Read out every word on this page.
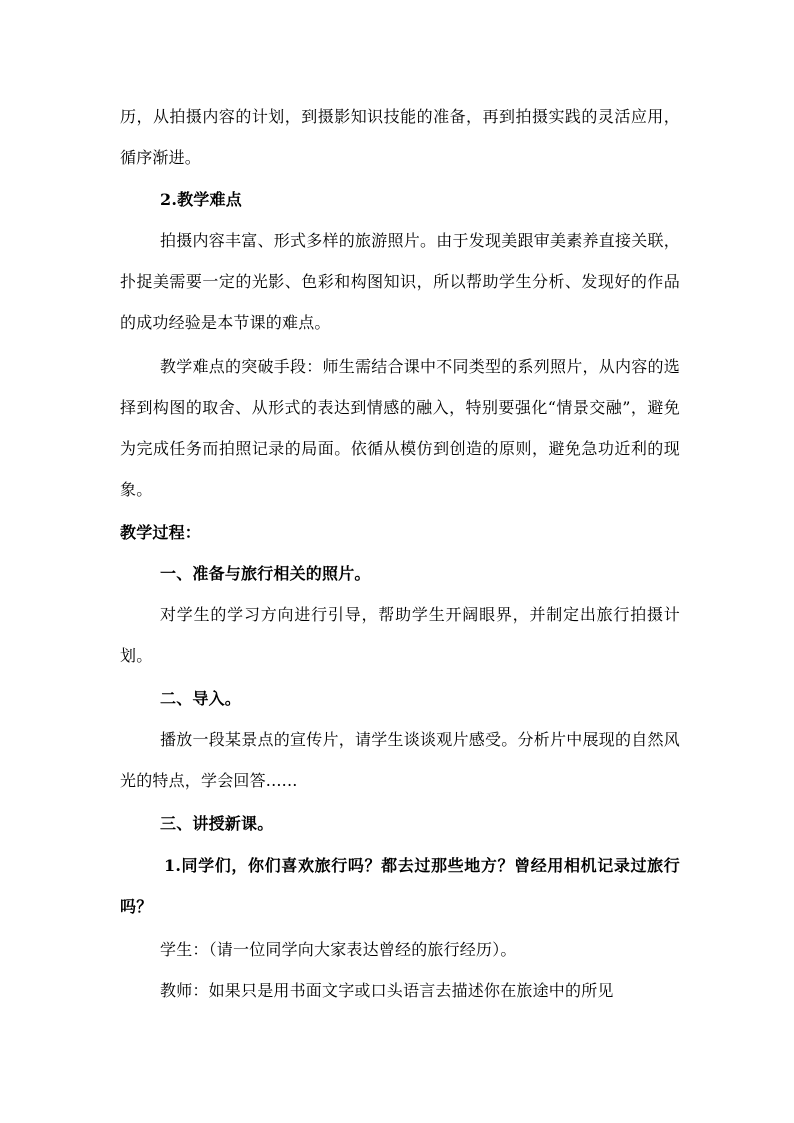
历，从拍摄内容的计划，到摄影知识技能的准备，再到拍摄实践的灵活应用，循序渐进。

2.教学难点

拍摄内容丰富、形式多样的旅游照片。由于发现美跟审美素养直接关联，扑捉美需要一定的光影、色彩和构图知识，所以帮助学生分析、发现好的作品的成功经验是本节课的难点。

教学难点的突破手段：师生需结合课中不同类型的系列照片，从内容的选择到构图的取舍、从形式的表达到情感的融入，特别要强化“情景交融”，避免为完成任务而拍照记录的局面。依循从模仿到创造的原则，避免急功近利的现象。

教学过程：

一、准备与旅行相关的照片。

对学生的学习方向进行引导，帮助学生开阔眼界，并制定出旅行拍摄计划。

二、导入。

播放一段某景点的宣传片，请学生谈谈观片感受。分析片中展现的自然风光的特点，学会回答......

三、讲授新课。

1.同学们，你们喜欢旅行吗？都去过那些地方？曾经用相机记录过旅行吗？

学生：（请一位同学向大家表达曾经的旅行经历）。

教师：如果只是用书面文字或口头语言去描述你在旅途中的所见
